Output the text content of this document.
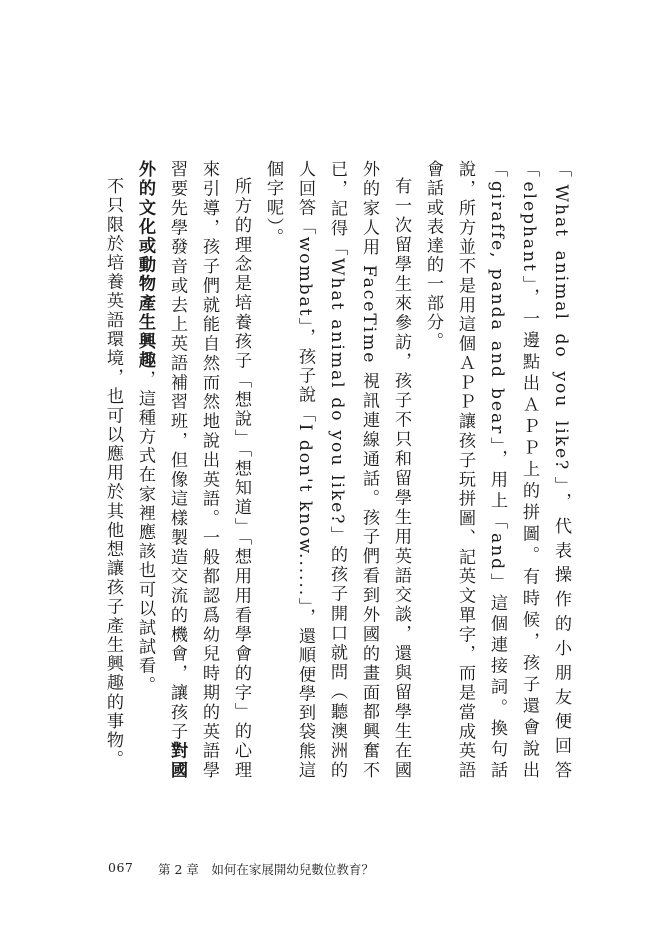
「What animal do you like?」，代表操作的小朋友便回答「elephant」，一邊點出ＡＰＰ上的拼圖。有時候，孩子還會說出「giraffe, panda and bear」，用上「and」這個連接詞。換句話說，所方並不是用這個ＡＰＰ讓孩子玩拼圖、記英文單字，而是當成英語會話或表達的一部分。

有一次留學生來參訪，孩子不只和留學生用英語交談，還與留學生在國外的家人用 FaceTime 視訊連線通話。孩子們看到外國的畫面都興奮不已，記得「What animal do you like?」的孩子開口就問（聽澳洲的人回答「wombat」，孩子說「I don't know......」，還順便學到袋熊這個字呢）。

所方的理念是培養孩子「想說」「想知道」「想用用看學會的字」的心理來引導，孩子們就能自然而然地說出英語。一般都認爲幼兒時期的英語學習要先學發音或去上英語補習班，但像這樣製造交流的機會，讓孩子對國外的文化或動物產生興趣，這種方式在家裡應該也可以試試看。

不只限於培養英語環境，也可以應用於其他想讓孩子產生興趣的事物。

067 第 2 章　如何在家展開幼兒數位教育？
